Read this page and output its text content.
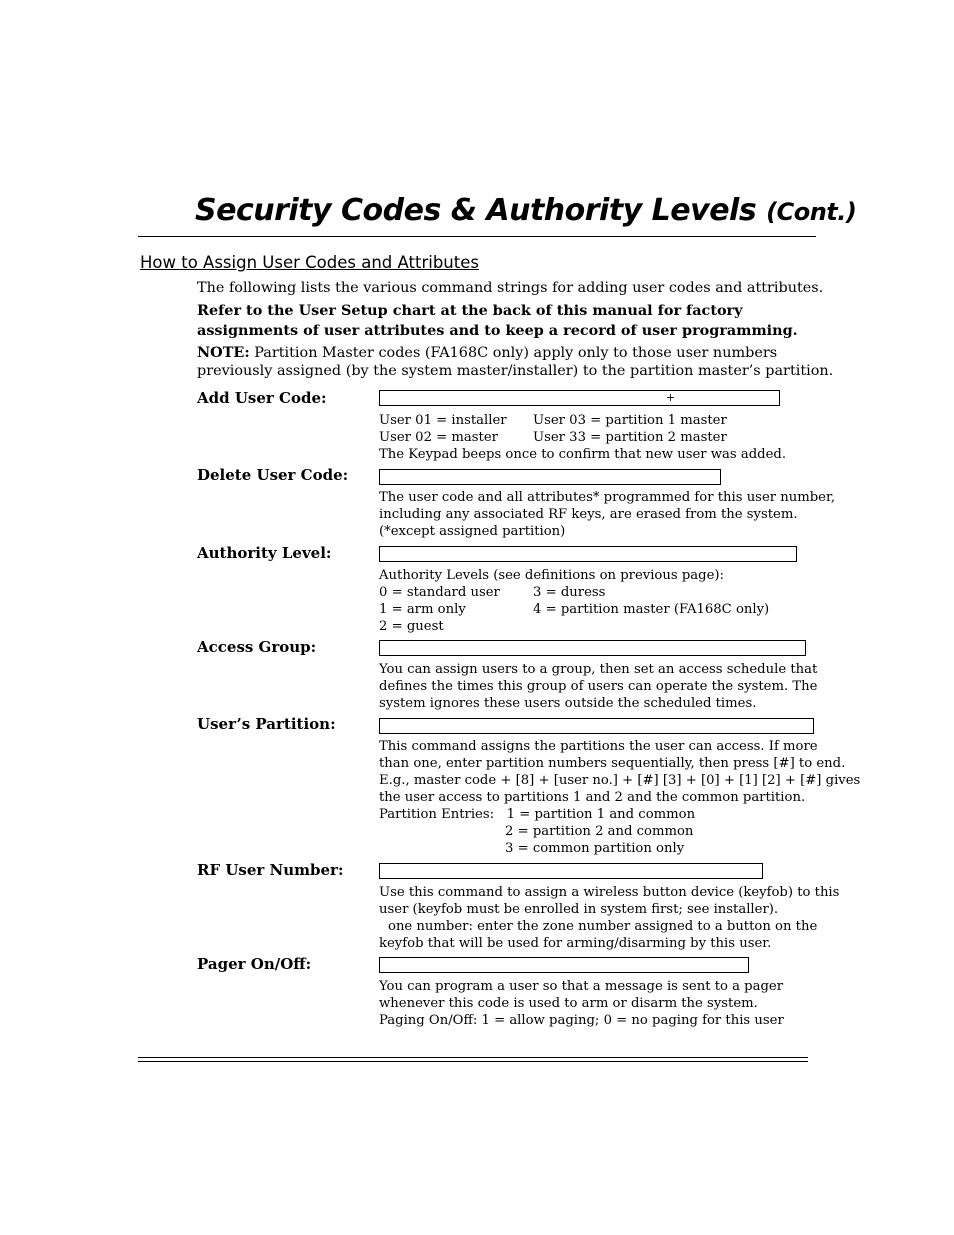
Security Codes & Authority Levels (Cont.)
How to Assign User Codes and Attributes

The following lists the various command strings for adding user codes and attributes.

Refer to the User Setup chart at the back of this manual for factory

assignments of user attributes and to keep a record of user programming.

NOTE: Partition Master codes (FA168C only) apply only to those user numbers

previously assigned (by the system master/installer) to the partition master’s partition.

Add User Code:	+
User 01 = installer	User 03 = partition 1 master
User 02 = master	User 33 = partition 2 master
The Keypad beeps once to confirm that new user was added.

Delete User Code:

The user code and all attributes* programmed for this user number,
including any associated RF keys, are erased from the system.
(*except assigned partition)

Authority Level:

Authority Levels (see definitions on previous page):
0 = standard user	3 = duress
1 = arm only	4 = partition master (FA168C only)
2 = guest

Access Group:

You can assign users to a group, then set an access schedule that
defines the times this group of users can operate the system. The
system ignores these users outside the scheduled times.

User’s Partition:

This command assigns the partitions the user can access. If more
than one, enter partition numbers sequentially, then press [#] to end.
E.g., master code + [8] + [user no.] + [#] [3] + [0] + [1] [2] + [#] gives
the user access to partitions 1 and 2 and the common partition.
Partition Entries: 1 = partition 1 and common
2 = partition 2 and common
3 = common partition only

RF User Number:

Use this command to assign a wireless button device (keyfob) to this
user (keyfob must be enrolled in system first; see installer).
one number: enter the zone number assigned to a button on the
keyfob that will be used for arming/disarming by this user.

Pager On/Off:

You can program a user so that a message is sent to a pager
whenever this code is used to arm or disarm the system.
Paging On/Off: 1 = allow paging; 0 = no paging for this user
